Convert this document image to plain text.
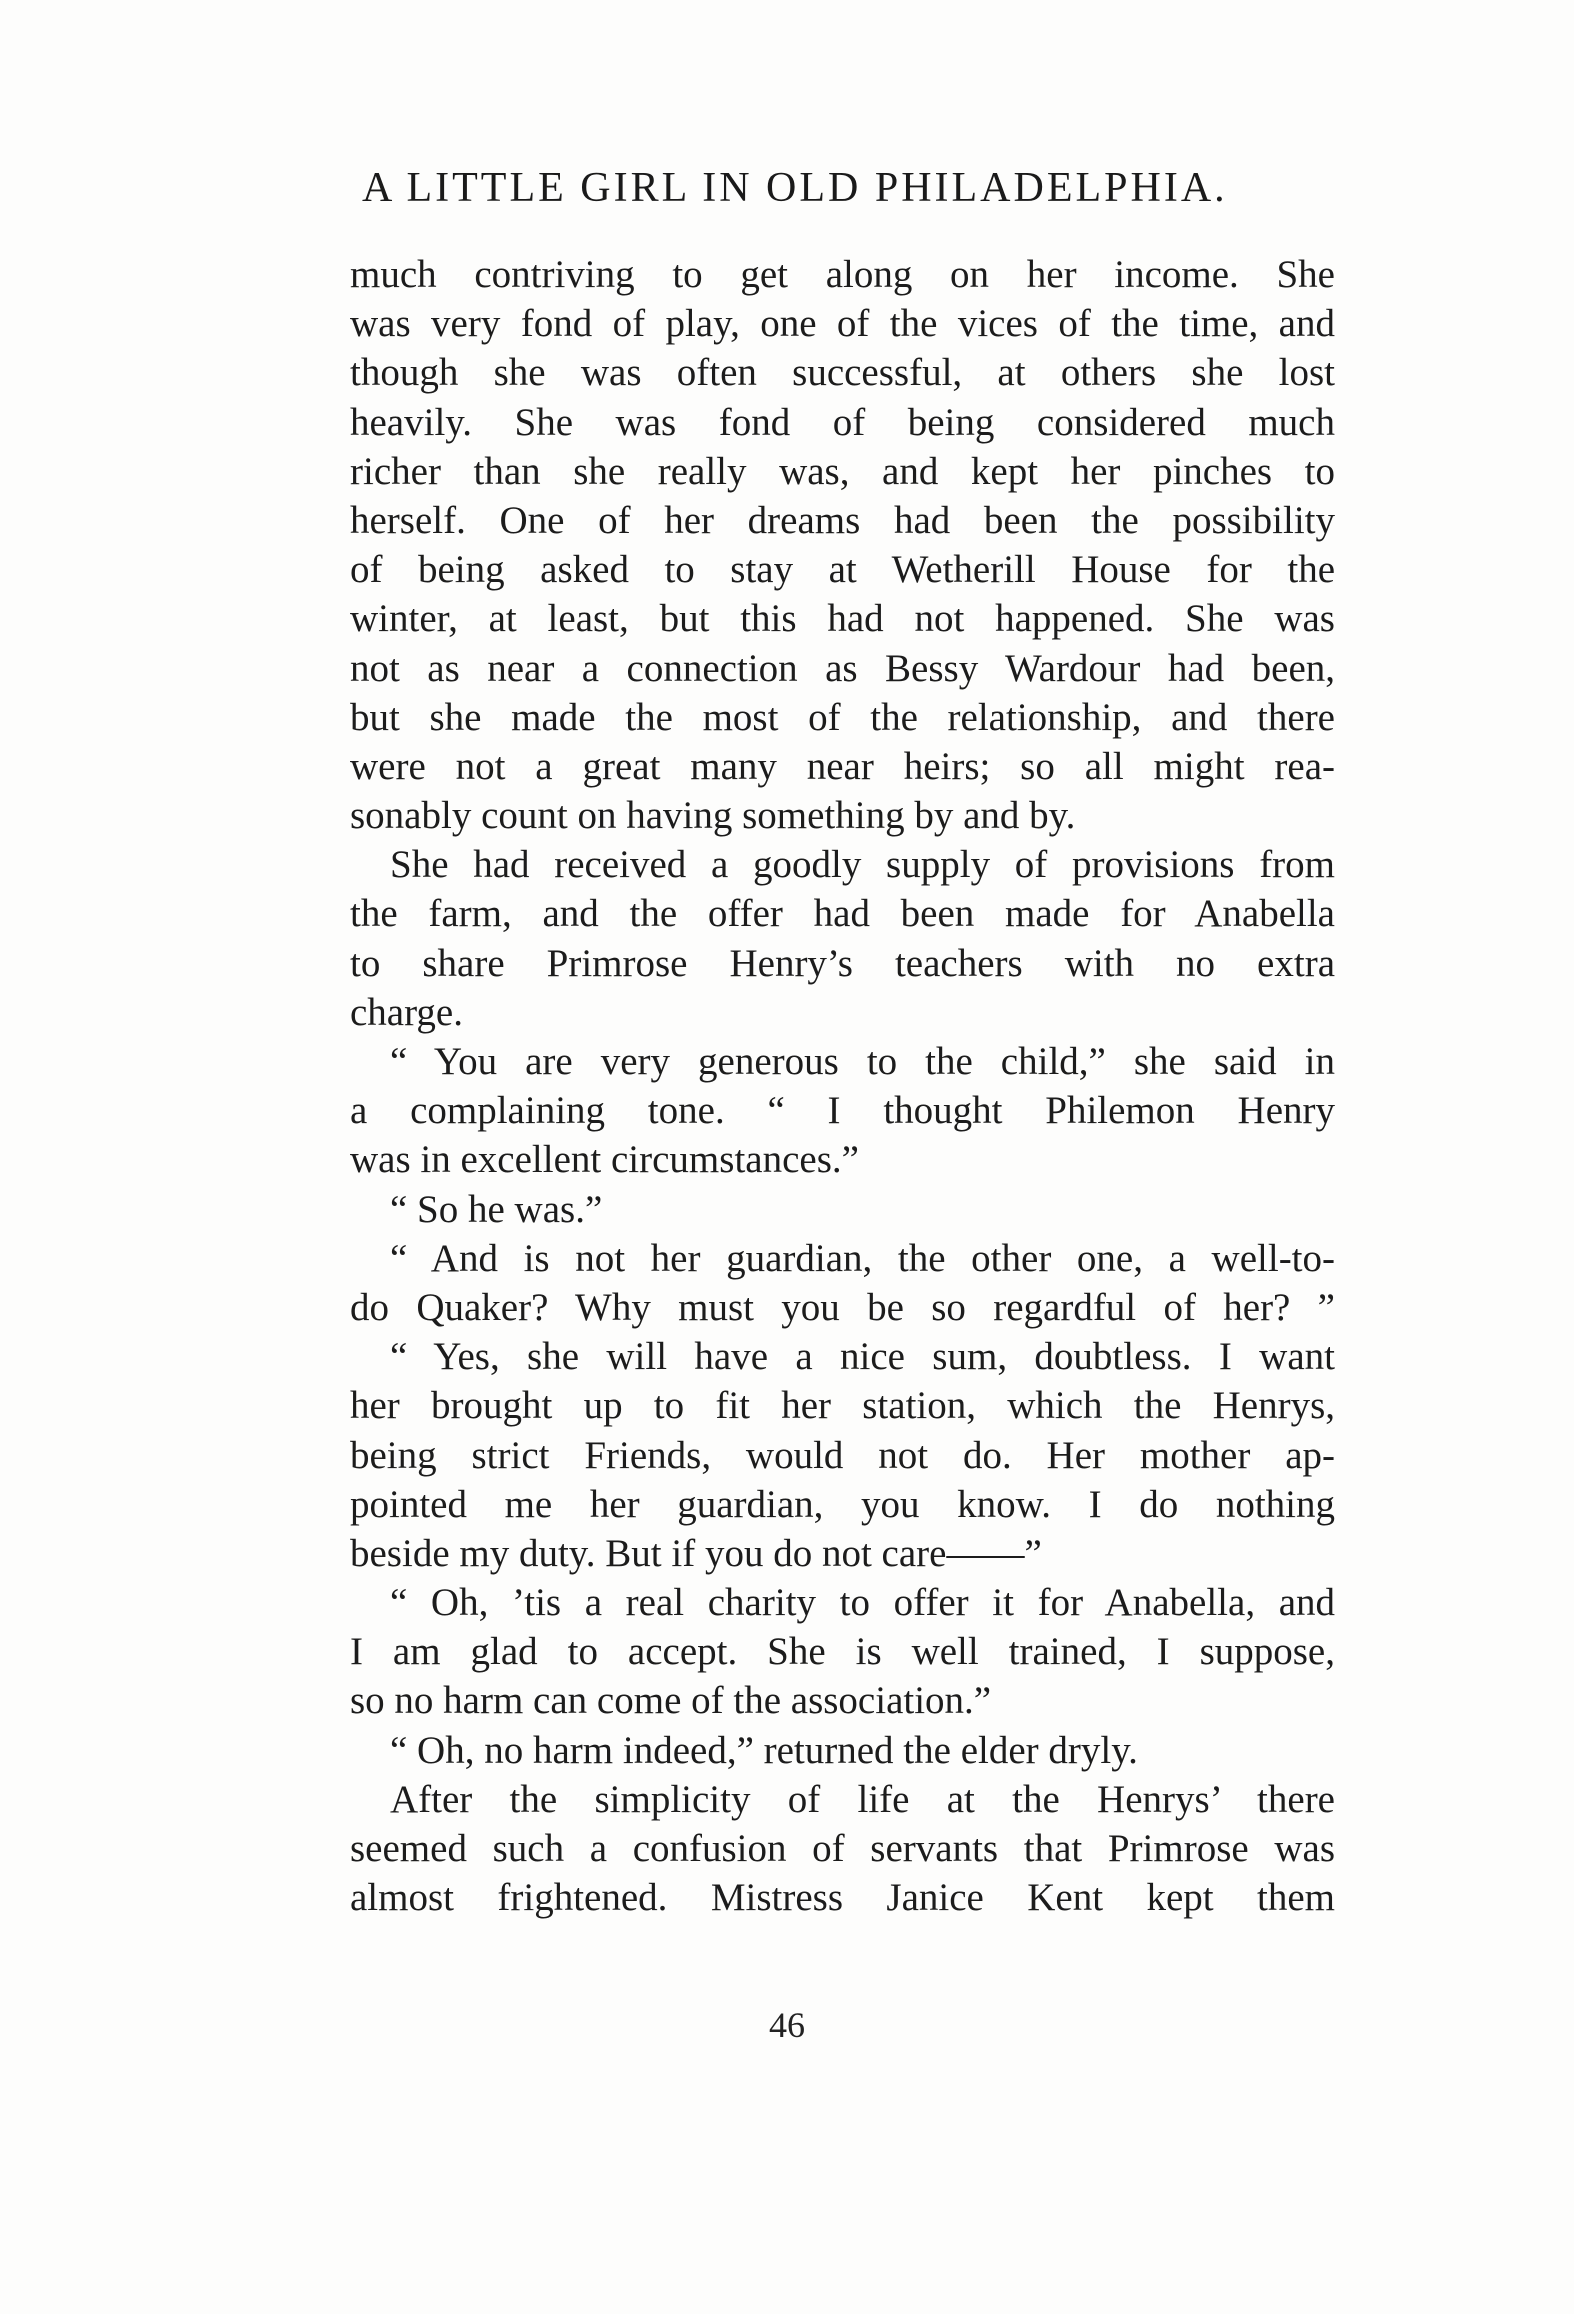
A LITTLE GIRL IN OLD PHILADELPHIA.
much contriving to get along on her income. She
was very fond of play, one of the vices of the time, and
though she was often successful, at others she lost
heavily. She was fond of being considered much
richer than she really was, and kept her pinches to
herself. One of her dreams had been the possibility
of being asked to stay at Wetherill House for the
winter, at least, but this had not happened. She was
not as near a connection as Bessy Wardour had been,
but she made the most of the relationship, and there
were not a great many near heirs; so all might rea-
sonably count on having something by and by.
She had received a goodly supply of provisions from
the farm, and the offer had been made for Anabella
to share Primrose Henry’s teachers with no extra
charge.
“ You are very generous to the child,” she said in
a complaining tone. “ I thought Philemon Henry
was in excellent circumstances.”
“ So he was.”
“ And is not her guardian, the other one, a well-to-
do Quaker? Why must you be so regardful of her? ”
“ Yes, she will have a nice sum, doubtless. I want
her brought up to fit her station, which the Henrys,
being strict Friends, would not do. Her mother ap-
pointed me her guardian, you know. I do nothing
beside my duty. But if you do not care——”
“ Oh, ’tis a real charity to offer it for Anabella, and
I am glad to accept. She is well trained, I suppose,
so no harm can come of the association.”
“ Oh, no harm indeed,” returned the elder dryly.
After the simplicity of life at the Henrys’ there
seemed such a confusion of servants that Primrose was
almost frightened. Mistress Janice Kent kept them
46
